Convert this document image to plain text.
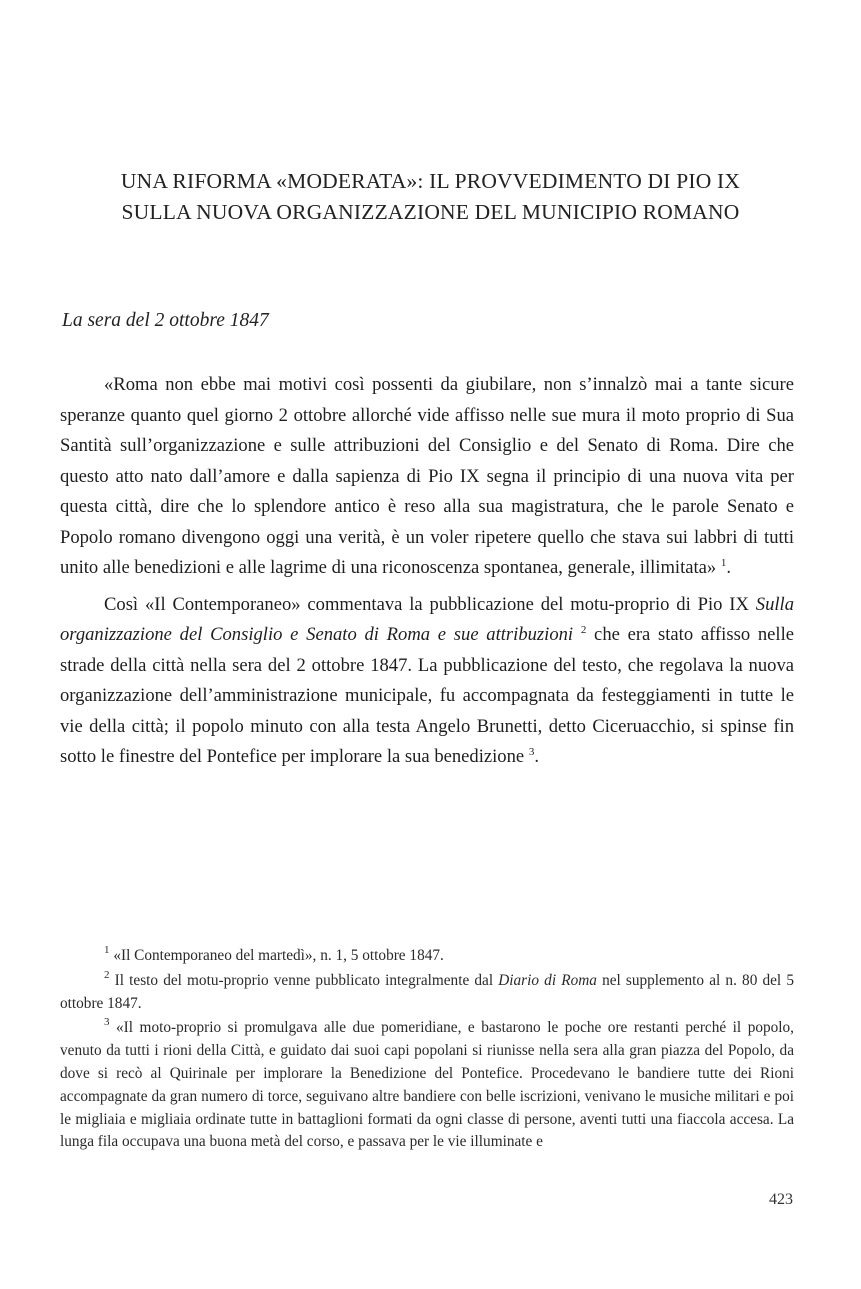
UNA RIFORMA «MODERATA»: IL PROVVEDIMENTO DI PIO IX
SULLA NUOVA ORGANIZZAZIONE DEL MUNICIPIO ROMANO
La sera del 2 ottobre 1847

«Roma non ebbe mai motivi così possenti da giubilare, non s’innalzò mai a tante sicure speranze quanto quel giorno 2 ottobre allorché vide affisso nelle sue mura il moto proprio di Sua Santità sull’organizzazione e sulle attribuzioni del Consiglio e del Senato di Roma. Dire che questo atto nato dall’amore e dalla sapienza di Pio IX segna il principio di una nuova vita per questa città, dire che lo splendore antico è reso alla sua magistratura, che le parole Senato e Popolo romano divengono oggi una verità, è un voler ripetere quello che stava sui labbri di tutti unito alle benedizioni e alle lagrime di una riconoscenza spontanea, generale, illimitata» $^1$.

Così «Il Contemporaneo» commentava la pubblicazione del motu-proprio di Pio IX Sulla organizzazione del Consiglio e Senato di Roma e sue attribuzioni $^2$ che era stato affisso nelle strade della città nella sera del 2 ottobre 1847. La pubblicazione del testo, che regolava la nuova organizzazione dell’amministrazione municipale, fu accompagnata da festeggiamenti in tutte le vie della città; il popolo minuto con alla testa Angelo Brunetti, detto Ciceruacchio, si spinse fin sotto le finestre del Pontefice per implorare la sua benedizione $^3$.

$^1$ «Il Contemporaneo del martedì», n. 1, 5 ottobre 1847.

$^2$ Il testo del motu-proprio venne pubblicato integralmente dal Diario di Roma nel supplemento al n. 80 del 5 ottobre 1847.

$^3$ «Il moto-proprio si promulgava alle due pomeridiane, e bastarono le poche ore restanti perché il popolo, venuto da tutti i rioni della Città, e guidato dai suoi capi popolani si riunisse nella sera alla gran piazza del Popolo, da dove si recò al Quirinale per implorare la Benedizione del Pontefice. Procedevano le bandiere tutte dei Rioni accompagnate da gran numero di torce, seguivano altre bandiere con belle iscrizioni, venivano le musiche militari e poi le migliaia e migliaia ordinate tutte in battaglioni formati da ogni classe di persone, aventi tutti una fiaccola accesa. La lunga fila occupava una buona metà del corso, e passava per le vie illuminate e

423
